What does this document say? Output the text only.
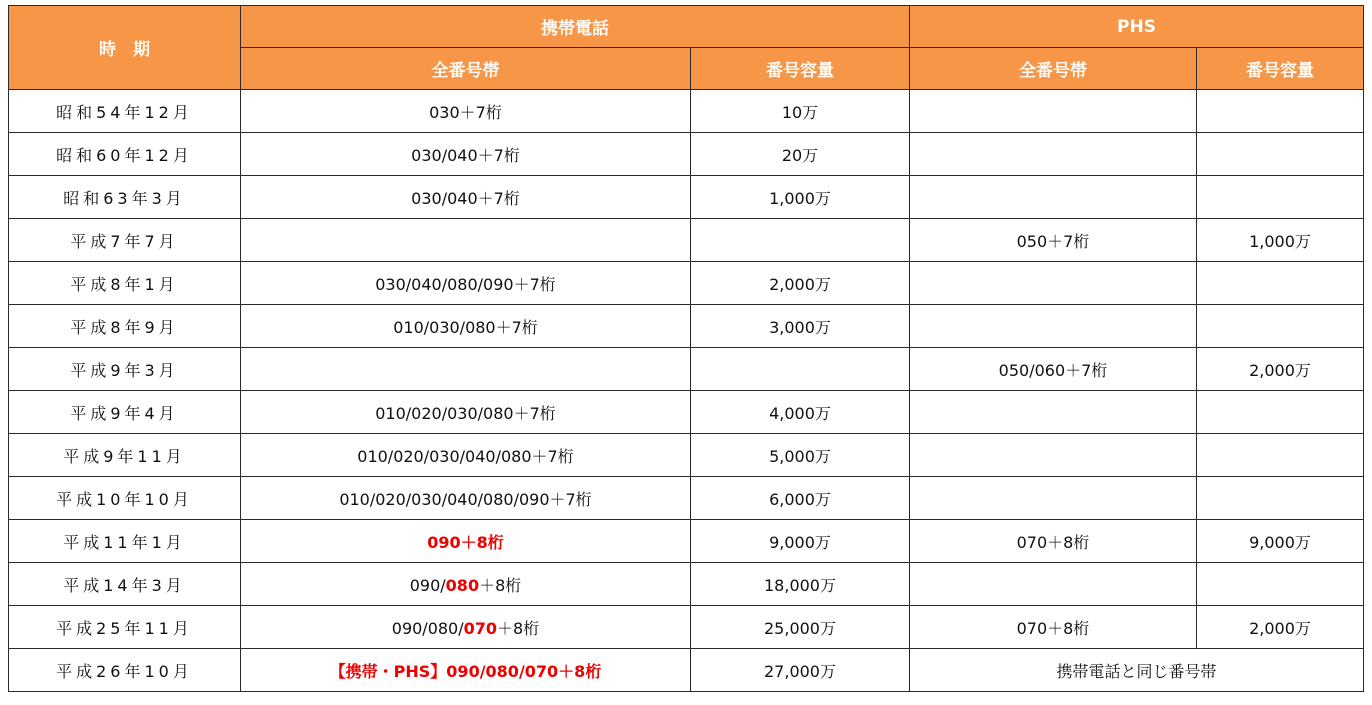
時　期	携帯電話		PHS	
	全番号帯	番号容量	全番号帯	番号容量
昭和54年12月	030＋7桁	10万		
昭和60年12月	030/040＋7桁	20万		
昭和63年3月	030/040＋7桁	1,000万		
平成7年7月			050＋7桁	1,000万
平成8年1月	030/040/080/090＋7桁	2,000万		
平成8年9月	010/030/080＋7桁	3,000万		
平成9年3月			050/060＋7桁	2,000万
平成9年4月	010/020/030/080＋7桁	4,000万		
平成9年11月	010/020/030/040/080＋7桁	5,000万		
平成10年10月	010/020/030/040/080/090＋7桁	6,000万		
平成11年1月	090＋8桁	9,000万	070＋8桁	9,000万
平成14年3月	090/080＋8桁	18,000万		
平成25年11月	090/080/070＋8桁	25,000万	070＋8桁	2,000万
平成26年10月	【携帯・PHS】090/080/070＋8桁	27,000万	携帯電話と同じ番号帯	
